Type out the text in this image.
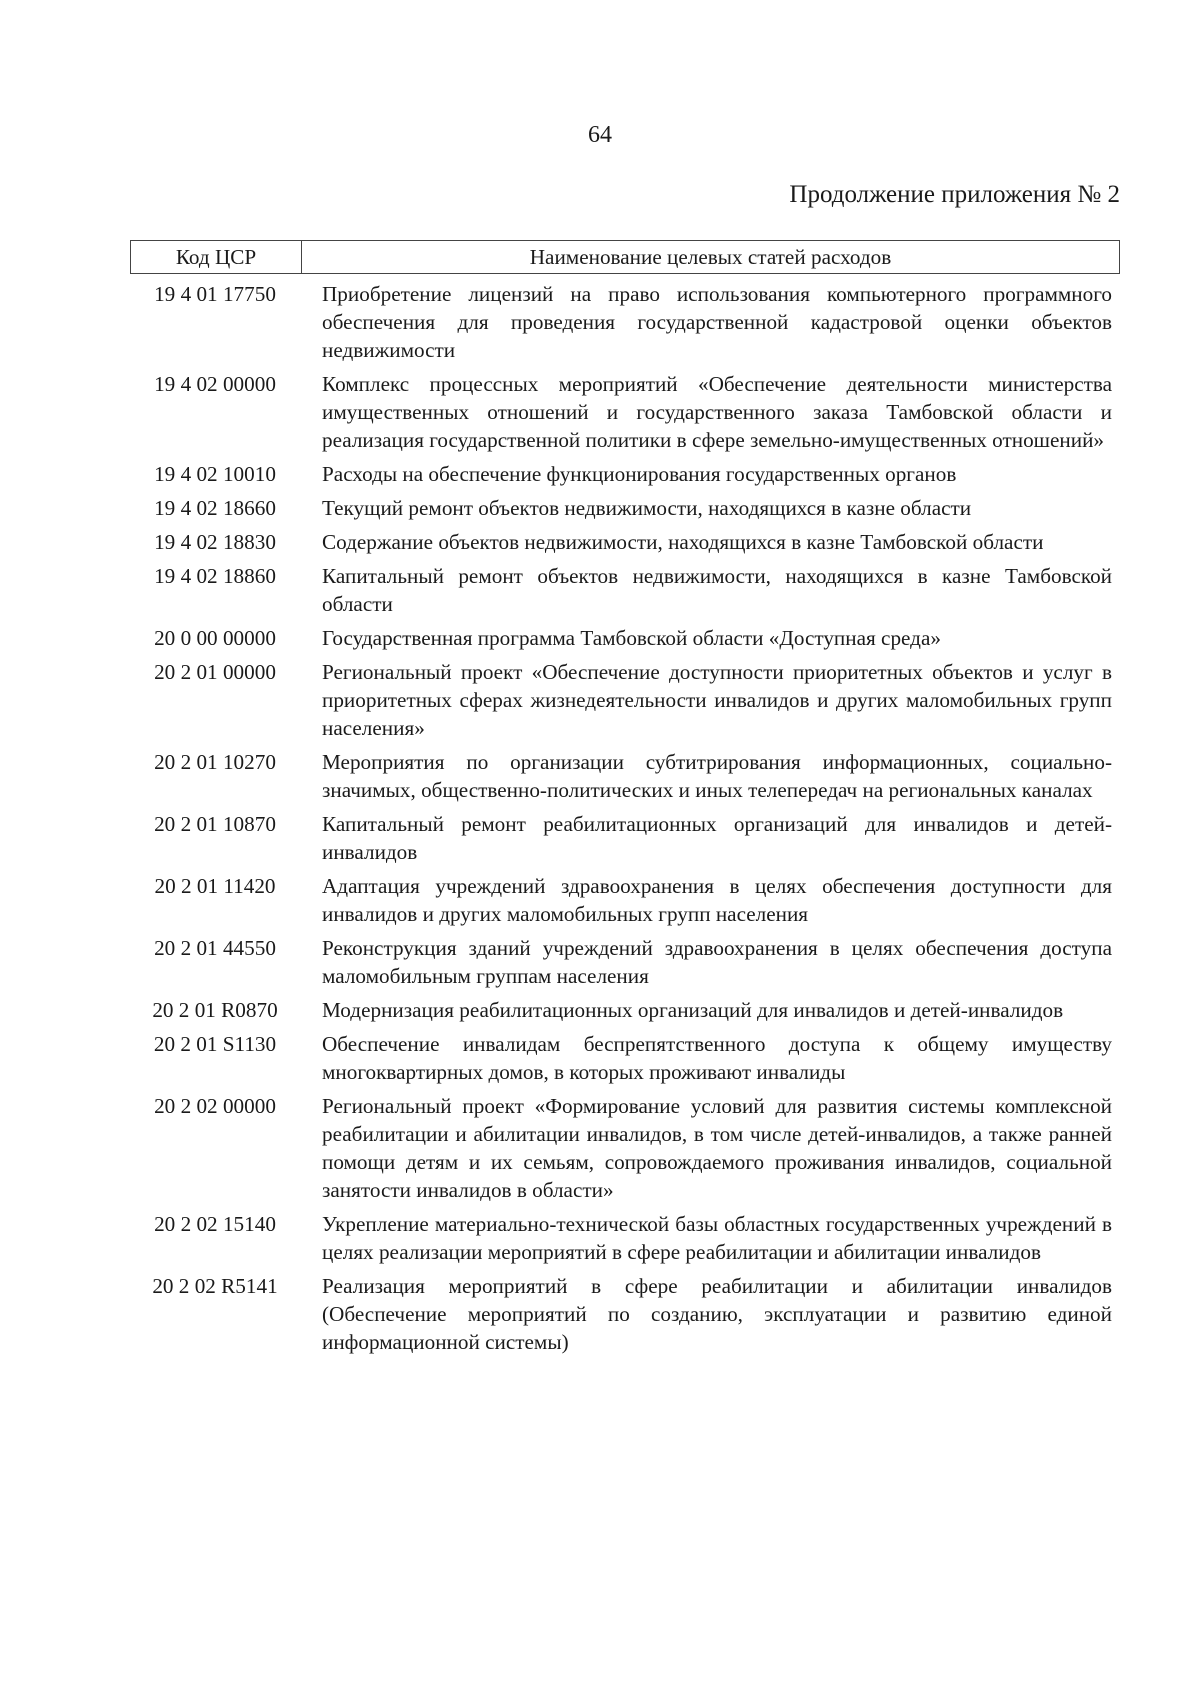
64
Продолжение приложения № 2
Код ЦСР	Наименование целевых статей расходов
19 4 01 17750	Приобретение лицензий на право использования компьютерного программного обеспечения для проведения государственной кадастровой оценки объектов недвижимости
19 4 02 00000	Комплекс процессных мероприятий «Обеспечение деятельности министерства имущественных отношений и государственного заказа Тамбовской области и реализация государственной политики в сфере земельно-имущественных отношений»
19 4 02 10010	Расходы на обеспечение функционирования государственных органов
19 4 02 18660	Текущий ремонт объектов недвижимости, находящихся в казне области
19 4 02 18830	Содержание объектов недвижимости, находящихся в казне Тамбовской области
19 4 02 18860	Капитальный ремонт объектов недвижимости, находящихся в казне Тамбовской области
20 0 00 00000	Государственная программа Тамбовской области «Доступная среда»
20 2 01 00000	Региональный проект «Обеспечение доступности приоритетных объектов и услуг в приоритетных сферах жизнедеятельности инвалидов и других маломобильных групп населения»
20 2 01 10270	Мероприятия по организации субтитрирования информационных, социально-значимых, общественно-политических и иных телепередач на региональных каналах
20 2 01 10870	Капитальный ремонт реабилитационных организаций для инвалидов и детей-инвалидов
20 2 01 11420	Адаптация учреждений здравоохранения в целях обеспечения доступности для инвалидов и других маломобильных групп населения
20 2 01 44550	Реконструкция зданий учреждений здравоохранения в целях обеспечения доступа маломобильным группам населения
20 2 01 R0870	Модернизация реабилитационных организаций для инвалидов и детей-инвалидов
20 2 01 S1130	Обеспечение инвалидам беспрепятственного доступа к общему имуществу многоквартирных домов, в которых проживают инвалиды
20 2 02 00000	Региональный проект «Формирование условий для развития системы комплексной реабилитации и абилитации инвалидов, в том числе детей-инвалидов, а также ранней помощи детям и их семьям, сопровождаемого проживания инвалидов, социальной занятости инвалидов в области»
20 2 02 15140	Укрепление материально-технической базы областных государственных учреждений в целях реализации мероприятий в сфере реабилитации и абилитации инвалидов
20 2 02 R5141	Реализация мероприятий в сфере реабилитации и абилитации инвалидов (Обеспечение мероприятий по созданию, эксплуатации и развитию единой информационной системы)
